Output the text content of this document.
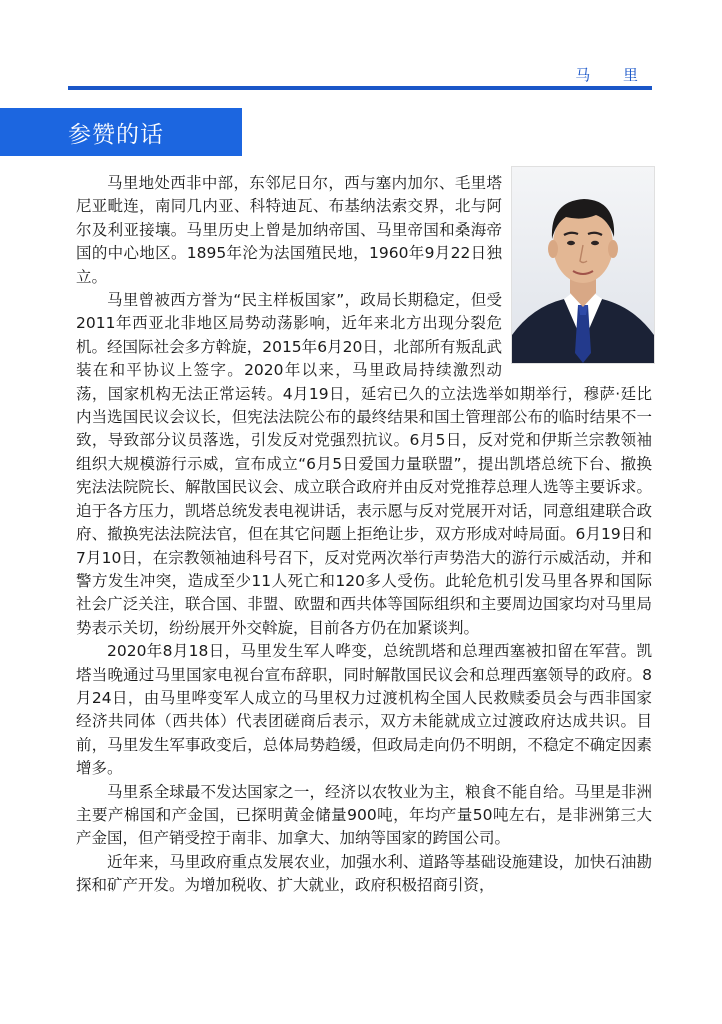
马 里
参赞的话

马里地处西非中部，东邻尼日尔，西与塞内加尔、毛里塔尼亚毗连，南同几内亚、科特迪瓦、布基纳法索交界，北与阿尔及利亚接壤。马里历史上曾是加纳帝国、马里帝国和桑海帝国的中心地区。1895年沦为法国殖民地，1960年9月22日独立。

马里曾被西方誉为“民主样板国家”，政局长期稳定，但受2011年西亚北非地区局势动荡影响，近年来北方出现分裂危机。经国际社会多方斡旋，2015年6月20日，北部所有叛乱武装在和平协议上签字。2020年以来，马里政局持续激烈动荡，国家机构无法正常运转。4月19日，延宕已久的立法选举如期举行，穆萨·廷比内当选国民议会议长，但宪法法院公布的最终结果和国土管理部公布的临时结果不一致，导致部分议员落选，引发反对党强烈抗议。6月5日，反对党和伊斯兰宗教领袖组织大规模游行示威，宣布成立“6月5日爱国力量联盟”，提出凯塔总统下台、撤换宪法法院院长、解散国民议会、成立联合政府并由反对党推荐总理人选等主要诉求。迫于各方压力，凯塔总统发表电视讲话，表示愿与反对党展开对话，同意组建联合政府、撤换宪法法院法官，但在其它问题上拒绝让步，双方形成对峙局面。6月19日和7月10日，在宗教领袖迪科号召下，反对党两次举行声势浩大的游行示威活动，并和警方发生冲突，造成至少11人死亡和120多人受伤。此轮危机引发马里各界和国际社会广泛关注，联合国、非盟、欧盟和西共体等国际组织和主要周边国家均对马里局势表示关切，纷纷展开外交斡旋，目前各方仍在加紧谈判。

2020年8月18日，马里发生军人哗变，总统凯塔和总理西塞被扣留在军营。凯塔当晚通过马里国家电视台宣布辞职，同时解散国民议会和总理西塞领导的政府。8月24日，由马里哗变军人成立的马里权力过渡机构全国人民救赎委员会与西非国家经济共同体（西共体）代表团磋商后表示，双方未能就成立过渡政府达成共识。目前，马里发生军事政变后，总体局势趋缓，但政局走向仍不明朗，不稳定不确定因素增多。

马里系全球最不发达国家之一，经济以农牧业为主，粮食不能自给。马里是非洲主要产棉国和产金国，已探明黄金储量900吨，年均产量50吨左右，是非洲第三大产金国，但产销受控于南非、加拿大、加纳等国家的跨国公司。

近年来，马里政府重点发展农业，加强水利、道路等基础设施建设，加快石油勘探和矿产开发。为增加税收、扩大就业，政府积极招商引资，
